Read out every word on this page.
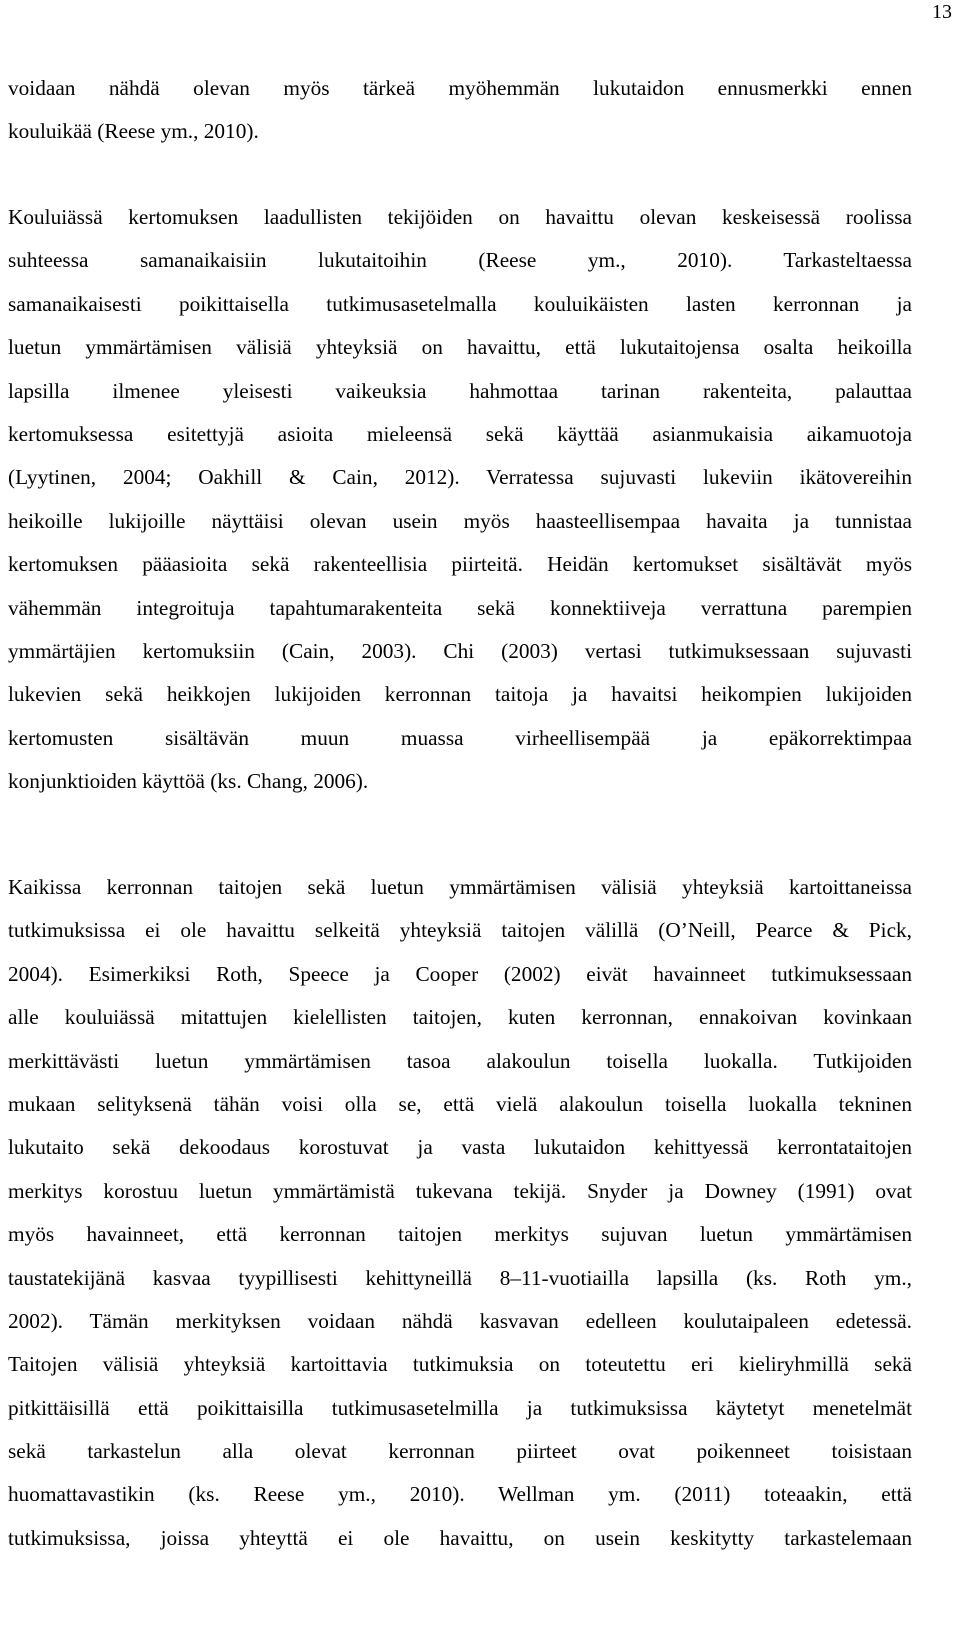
13
voidaan nähdä olevan myös tärkeä myöhemmän lukutaidon ennusmerkki ennen
kouluikää (Reese ym., 2010).
Kouluiässä kertomuksen laadullisten tekijöiden on havaittu olevan keskeisessä roolissa
suhteessa samanaikaisiin lukutaitoihin (Reese ym., 2010). Tarkasteltaessa
samanaikaisesti poikittaisella tutkimusasetelmalla kouluikäisten lasten kerronnan ja
luetun ymmärtämisen välisiä yhteyksiä on havaittu, että lukutaitojensa osalta heikoilla
lapsilla ilmenee yleisesti vaikeuksia hahmottaa tarinan rakenteita, palauttaa
kertomuksessa esitettyjä asioita mieleensä sekä käyttää asianmukaisia aikamuotoja
(Lyytinen, 2004; Oakhill & Cain, 2012). Verratessa sujuvasti lukeviin ikätovereihin
heikoille lukijoille näyttäisi olevan usein myös haasteellisempaa havaita ja tunnistaa
kertomuksen pääasioita sekä rakenteellisia piirteitä. Heidän kertomukset sisältävät myös
vähemmän integroituja tapahtumarakenteita sekä konnektiiveja verrattuna parempien
ymmärtäjien kertomuksiin (Cain, 2003). Chi (2003) vertasi tutkimuksessaan sujuvasti
lukevien sekä heikkojen lukijoiden kerronnan taitoja ja havaitsi heikompien lukijoiden
kertomusten sisältävän muun muassa virheellisempää ja epäkorrektimpaa
konjunktioiden käyttöä (ks. Chang, 2006).
Kaikissa kerronnan taitojen sekä luetun ymmärtämisen välisiä yhteyksiä kartoittaneissa
tutkimuksissa ei ole havaittu selkeitä yhteyksiä taitojen välillä (O’Neill, Pearce & Pick,
2004). Esimerkiksi Roth, Speece ja Cooper (2002) eivät havainneet tutkimuksessaan
alle kouluiässä mitattujen kielellisten taitojen, kuten kerronnan, ennakoivan kovinkaan
merkittävästi luetun ymmärtämisen tasoa alakoulun toisella luokalla. Tutkijoiden
mukaan selityksenä tähän voisi olla se, että vielä alakoulun toisella luokalla tekninen
lukutaito sekä dekoodaus korostuvat ja vasta lukutaidon kehittyessä kerrontataitojen
merkitys korostuu luetun ymmärtämistä tukevana tekijä. Snyder ja Downey (1991) ovat
myös havainneet, että kerronnan taitojen merkitys sujuvan luetun ymmärtämisen
taustatekijänä kasvaa tyypillisesti kehittyneillä 8–11-vuotiailla lapsilla (ks. Roth ym.,
2002). Tämän merkityksen voidaan nähdä kasvavan edelleen koulutaipaleen edetessä.
Taitojen välisiä yhteyksiä kartoittavia tutkimuksia on toteutettu eri kieliryhmillä sekä
pitkittäisillä että poikittaisilla tutkimusasetelmilla ja tutkimuksissa käytetyt menetelmät
sekä tarkastelun alla olevat kerronnan piirteet ovat poikenneet toisistaan
huomattavastikin (ks. Reese ym., 2010). Wellman ym. (2011) toteaakin, että
tutkimuksissa, joissa yhteyttä ei ole havaittu, on usein keskitytty tarkastelemaan
